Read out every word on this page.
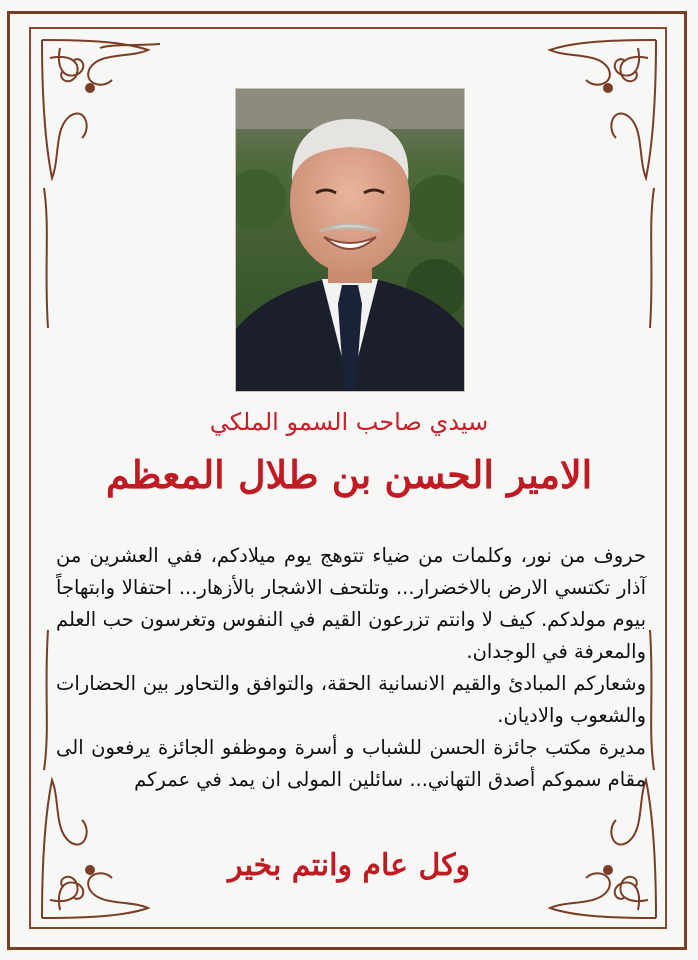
سيدي صاحب السمو الملكي
الامير الحسن بن طلال المعظم

حروف من نور، وكلمات من ضياء تتوهج يوم ميلادكم، ففي العشرين من آذار تكتسي الارض بالاخضرار... وتلتحف الاشجار بالأزهار... احتفالا وابتهاجاً بيوم مولدكم. كيف لا وانتم تزرعون القيم في النفوس وتغرسون حب العلم والمعرفة في الوجدان.

وشعاركم المبادئ والقيم الانسانية الحقة، والتوافق والتحاور بين الحضارات والشعوب والاديان.

مديرة مكتب جائزة الحسن للشباب و أسرة وموظفو الجائزة يرفعون الى مقام سموكم أصدق التهاني... سائلين المولى ان يمد في عمركم

وكل عام وانتم بخير
